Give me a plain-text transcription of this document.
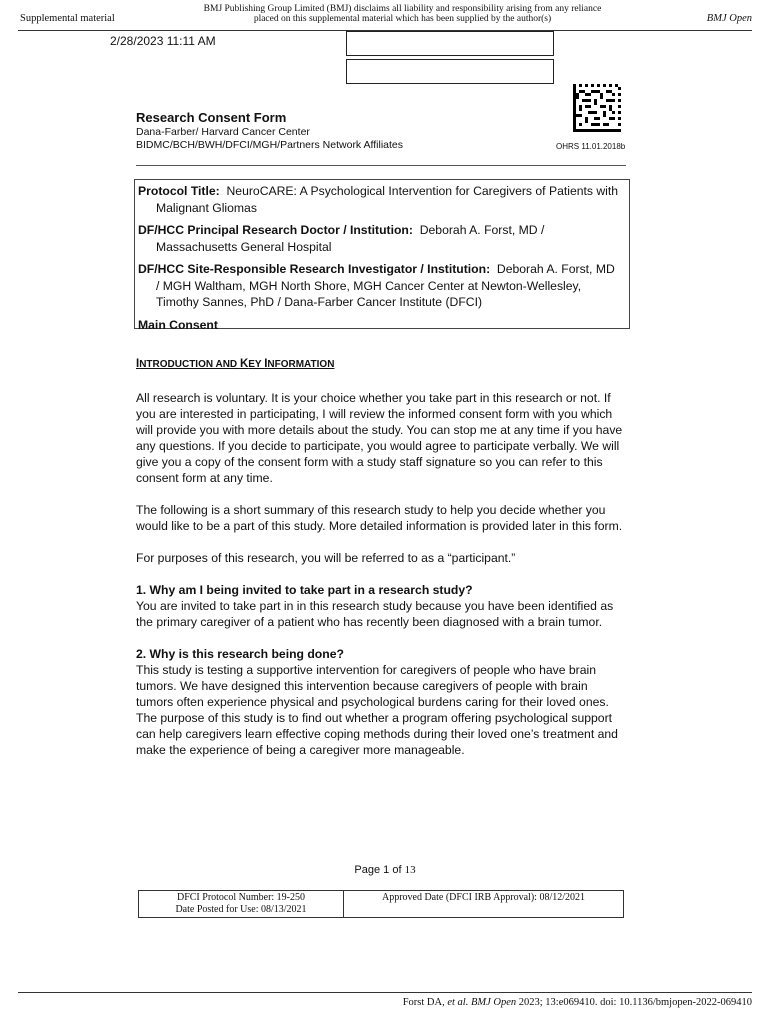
Supplemental material
BMJ Publishing Group Limited (BMJ) disclaims all liability and responsibility arising from any reliance
placed on this supplemental material which has been supplied by the author(s)	BMJ Open
2/28/2023 11:11 AM
Research Consent Form
Dana-Farber/ Harvard Cancer Center
BIDMC/BCH/BWH/DFCI/MGH/Partners Network Affiliates	OHRS 11.01.2018b
Protocol Title: NeuroCARE: A Psychological Intervention for Caregivers of Patients with Malignant Gliomas
DF/HCC Principal Research Doctor / Institution: Deborah A. Forst, MD / Massachusetts General Hospital
DF/HCC Site-Responsible Research Investigator / Institution: Deborah A. Forst, MD / MGH Waltham, MGH North Shore, MGH Cancer Center at Newton-Wellesley, Timothy Sannes, PhD / Dana-Farber Cancer Institute (DFCI)
Main Consent
INTRODUCTION AND KEY INFORMATION

All research is voluntary. It is your choice whether you take part in this research or not. If you are interested in participating, I will review the informed consent form with you which will provide you with more details about the study. You can stop me at any time if you have any questions. If you decide to participate, you would agree to participate verbally. We will give you a copy of the consent form with a study staff signature so you can refer to this consent form at any time.

The following is a short summary of this research study to help you decide whether you would like to be a part of this study. More detailed information is provided later in this form.

For purposes of this research, you will be referred to as a “participant.”

1. Why am I being invited to take part in a research study?

You are invited to take part in in this research study because you have been identified as the primary caregiver of a patient who has recently been diagnosed with a brain tumor.

2. Why is this research being done?

This study is testing a supportive intervention for caregivers of people who have brain tumors. We have designed this intervention because caregivers of people with brain tumors often experience physical and psychological burdens caring for their loved ones. The purpose of this study is to find out whether a program offering psychological support can help caregivers learn effective coping methods during their loved one’s treatment and make the experience of being a caregiver more manageable.

Page 1 of 13
DFCI Protocol Number: 19-250
Date Posted for Use: 08/13/2021
	Approved Date (DFCI IRB Approval): 08/12/2021
Forst DA, et al. BMJ Open 2023; 13:e069410. doi: 10.1136/bmjopen-2022-069410
